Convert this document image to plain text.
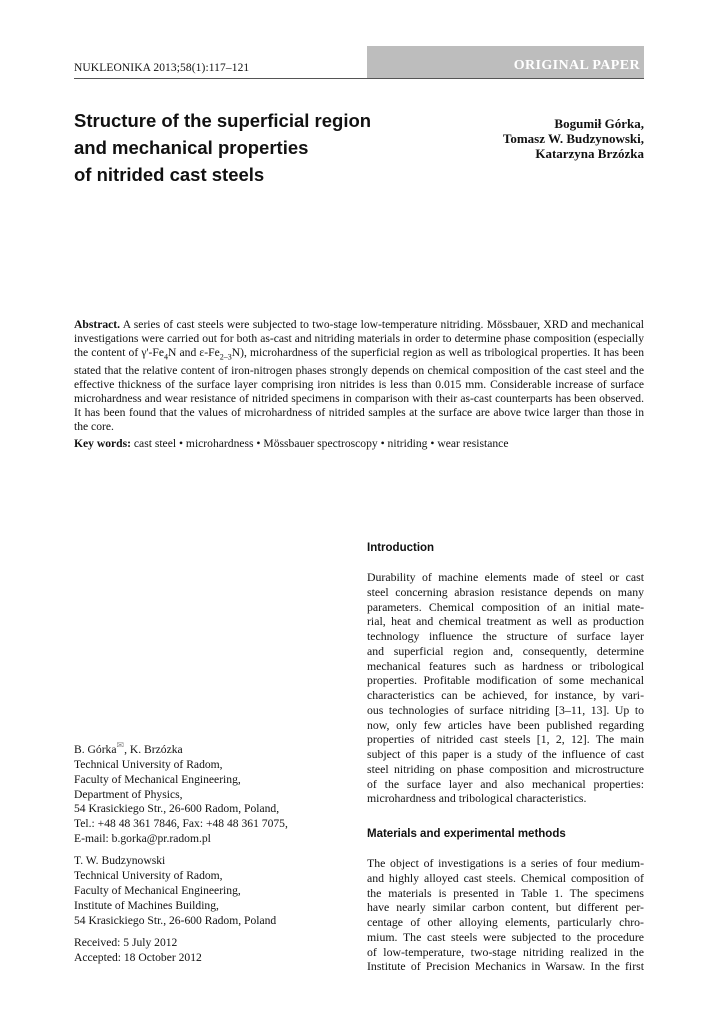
NUKLEONIKA 2013;58(1):117–121	ORIGINAL PAPER
Structure of the superficial region
and mechanical properties
of nitrided cast steels
Bogumił Górka,
Tomasz W. Budzynowski,
Katarzyna Brzózka
Abstract. A series of cast steels were subjected to two-stage low-temperature nitriding. Mössbauer, XRD and mechanical investigations were carried out for both as-cast and nitriding materials in order to determine phase composition (especially the content of $\gamma'-Fe_4N$ and $\varepsilon-Fe_{2-3}N$), microhardness of the superficial region as well as tribological properties. It has been stated that the relative content of iron-nitrogen phases strongly depends on chemical composition of the cast steel and the effective thickness of the surface layer comprising iron nitrides is less than 0.015 mm. Considerable increase of surface microhardness and wear resistance of nitrided specimens in comparison with their as-cast counterparts has been observed. It has been found that the values of microhardness of nitrided samples at the surface are above twice larger than those in the core.
Key words: cast steel • microhardness • Mössbauer spectroscopy • nitriding • wear resistance
B. Górka✉, K. Brzózka
Technical University of Radom,
Faculty of Mechanical Engineering,
Department of Physics,
54 Krasickiego Str., 26-600 Radom, Poland,
Tel.: +48 48 361 7846, Fax: +48 48 361 7075,
E-mail: b.gorka@pr.radom.pl
T. W. Budzynowski
Technical University of Radom,
Faculty of Mechanical Engineering,
Institute of Machines Building,
54 Krasickiego Str., 26-600 Radom, Poland
Received: 5 July 2012
Accepted: 18 October 2012
Introduction
Durability of machine elements made of steel or cast
steel concerning abrasion resistance depends on many
parameters. Chemical composition of an initial mate-
rial, heat and chemical treatment as well as production
technology influence the structure of surface layer
and superficial region and, consequently, determine
mechanical features such as hardness or tribological
properties. Profitable modification of some mechanical
characteristics can be achieved, for instance, by vari-
ous technologies of surface nitriding [3–11, 13]. Up to
now, only few articles have been published regarding
properties of nitrided cast steels [1, 2, 12]. The main
subject of this paper is a study of the influence of cast
steel nitriding on phase composition and microstructure
of the surface layer and also mechanical properties:
microhardness and tribological characteristics.
Materials and experimental methods
The object of investigations is a series of four medium-
and highly alloyed cast steels. Chemical composition of
the materials is presented in Table 1. The specimens
have nearly similar carbon content, but different per-
centage of other alloying elements, particularly chro-
mium. The cast steels were subjected to the procedure
of low-temperature, two-stage nitriding realized in the
Institute of Precision Mechanics in Warsaw. In the first
